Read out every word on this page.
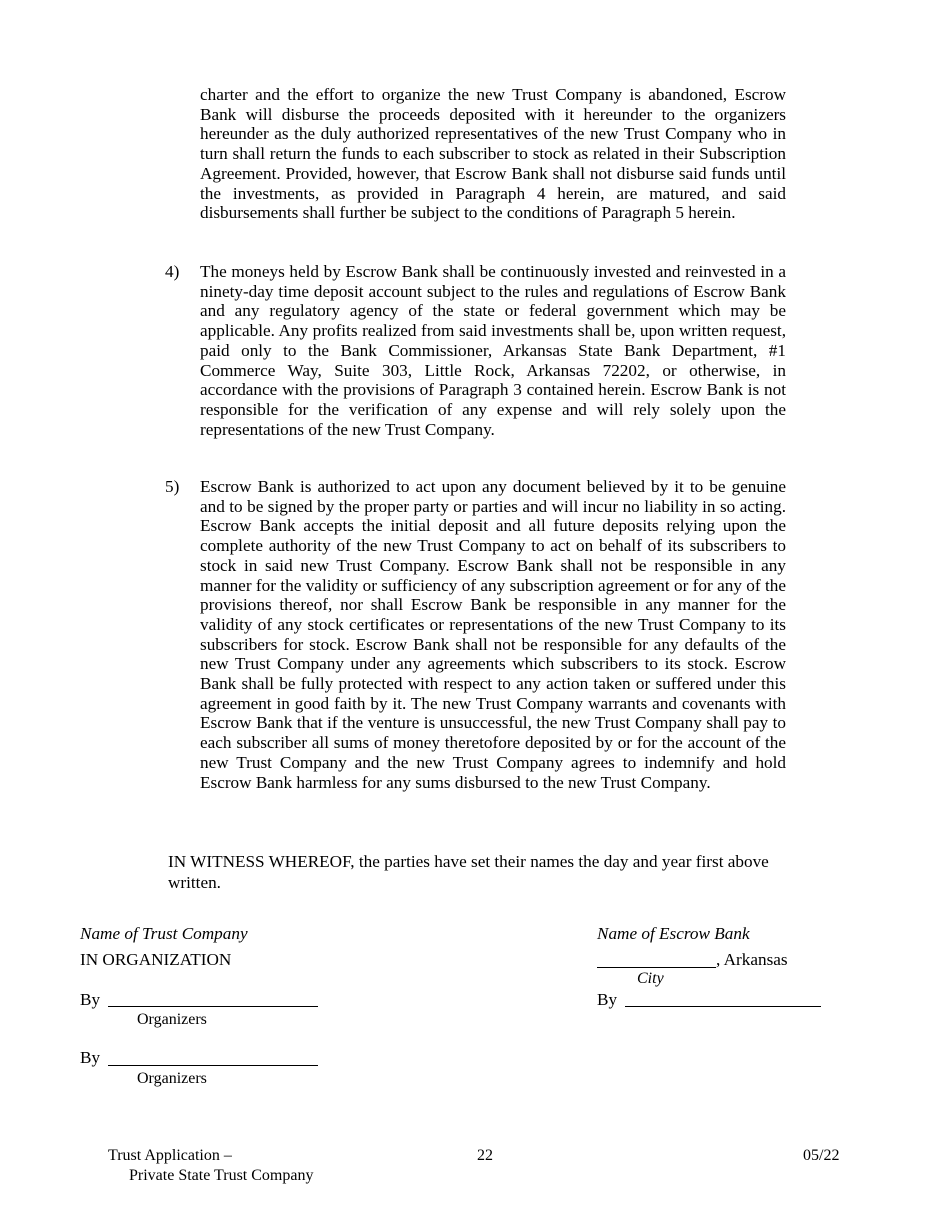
charter and the effort to organize the new Trust Company is abandoned, Escrow Bank will disburse the proceeds deposited with it hereunder to the organizers hereunder as the duly authorized representatives of the new Trust Company who in turn shall return the funds to each subscriber to stock as related in their Subscription Agreement. Provided, however, that Escrow Bank shall not disburse said funds until the investments, as provided in Paragraph 4 herein, are matured, and said disbursements shall further be subject to the conditions of Paragraph 5 herein.

4) The moneys held by Escrow Bank shall be continuously invested and reinvested in a ninety-day time deposit account subject to the rules and regulations of Escrow Bank and any regulatory agency of the state or federal government which may be applicable. Any profits realized from said investments shall be, upon written request, paid only to the Bank Commissioner, Arkansas State Bank Department, #1 Commerce Way, Suite 303, Little Rock, Arkansas 72202, or otherwise, in accordance with the provisions of Paragraph 3 contained herein. Escrow Bank is not responsible for the verification of any expense and will rely solely upon the representations of the new Trust Company.

5) Escrow Bank is authorized to act upon any document believed by it to be genuine and to be signed by the proper party or parties and will incur no liability in so acting. Escrow Bank accepts the initial deposit and all future deposits relying upon the complete authority of the new Trust Company to act on behalf of its subscribers to stock in said new Trust Company. Escrow Bank shall not be responsible in any manner for the validity or sufficiency of any subscription agreement or for any of the provisions thereof, nor shall Escrow Bank be responsible in any manner for the validity of any stock certificates or representations of the new Trust Company to its subscribers for stock. Escrow Bank shall not be responsible for any defaults of the new Trust Company under any agreements which subscribers to its stock. Escrow Bank shall be fully protected with respect to any action taken or suffered under this agreement in good faith by it. The new Trust Company warrants and covenants with Escrow Bank that if the venture is unsuccessful, the new Trust Company shall pay to each subscriber all sums of money theretofore deposited by or for the account of the new Trust Company and the new Trust Company agrees to indemnify and hold Escrow Bank harmless for any sums disbursed to the new Trust Company.

IN WITNESS WHEREOF, the parties have set their names the day and year first above written.

Name of Trust Company

IN ORGANIZATION

By

Organizers

By

Organizers

Name of Escrow Bank

, Arkansas

City

By

Trust Application –

Private State Trust Company

22	05/22
